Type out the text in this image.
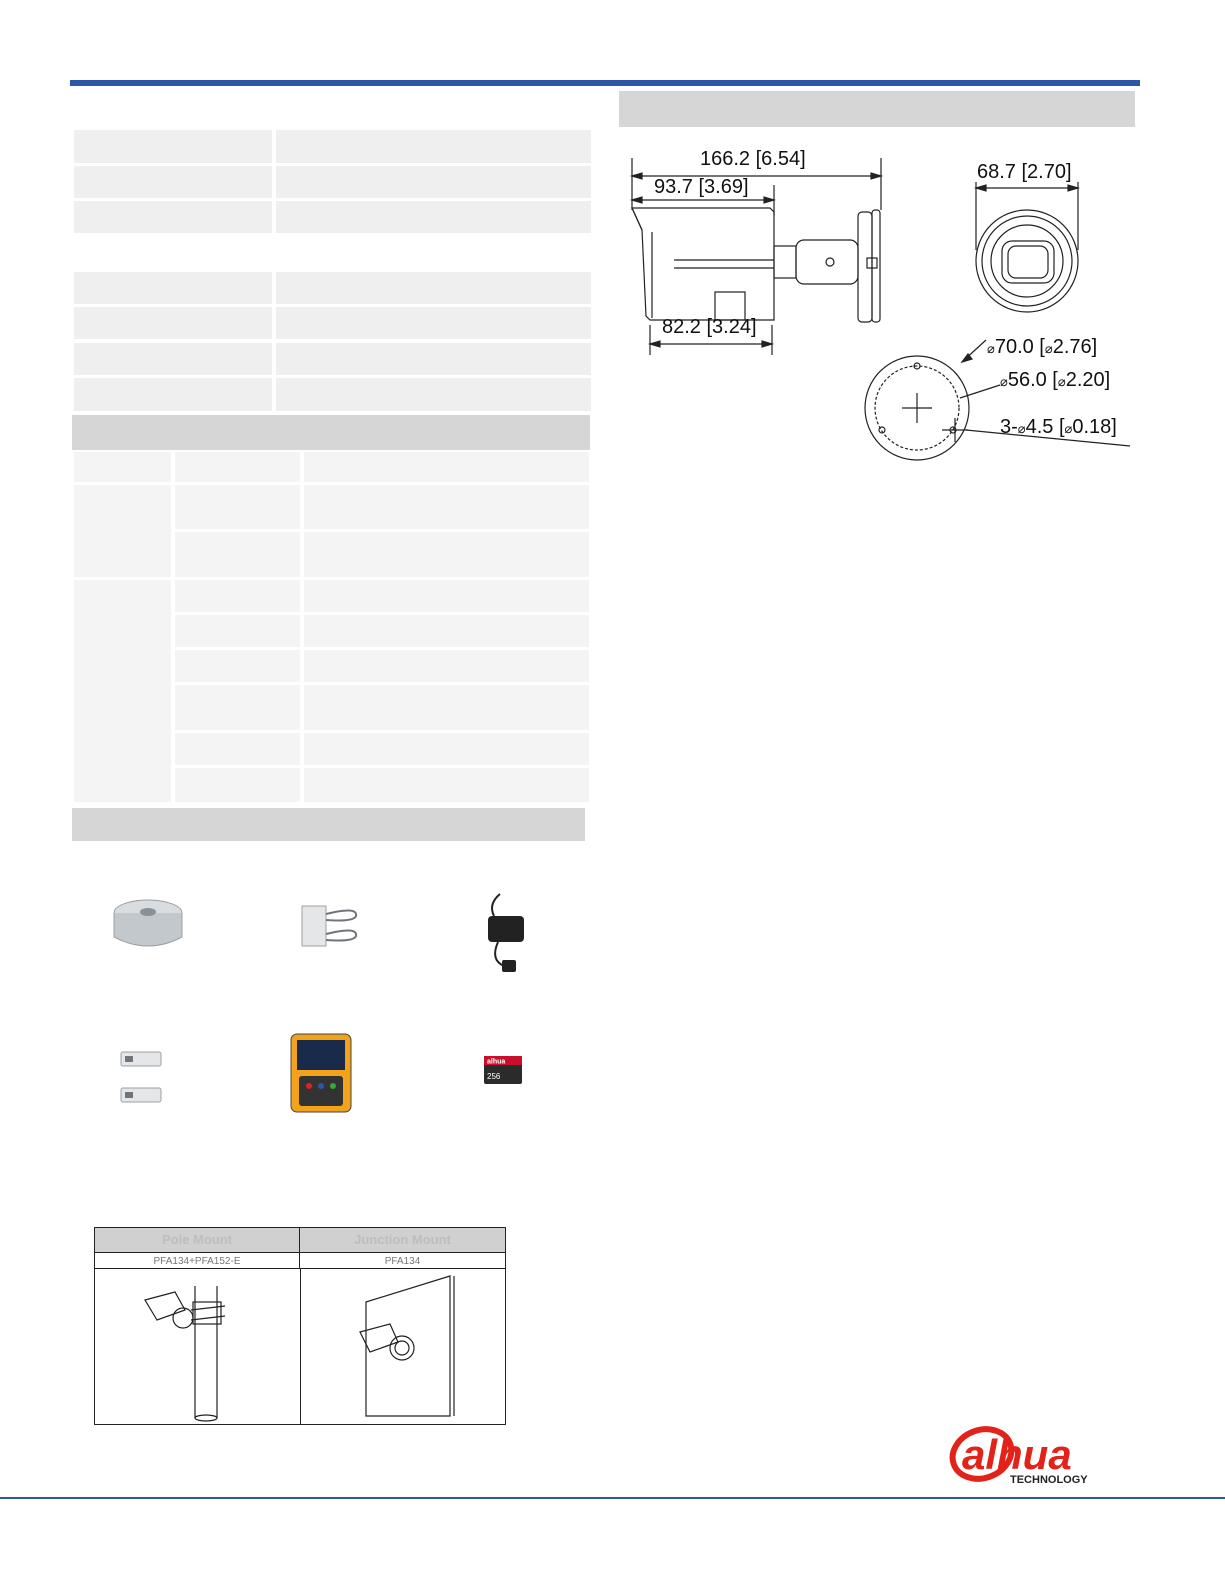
166.2 [6.54]
93.7 [3.69]
82.2 [3.24]
68.7 [2.70]
⌀70.0 [⌀2.76]
⌀56.0 [⌀2.20]
3-⌀4.5 [⌀0.18]
alhua
256
Pole Mount	Junction Mount
PFA134+PFA152-E	PFA134
alhua
TECHNOLOGY
